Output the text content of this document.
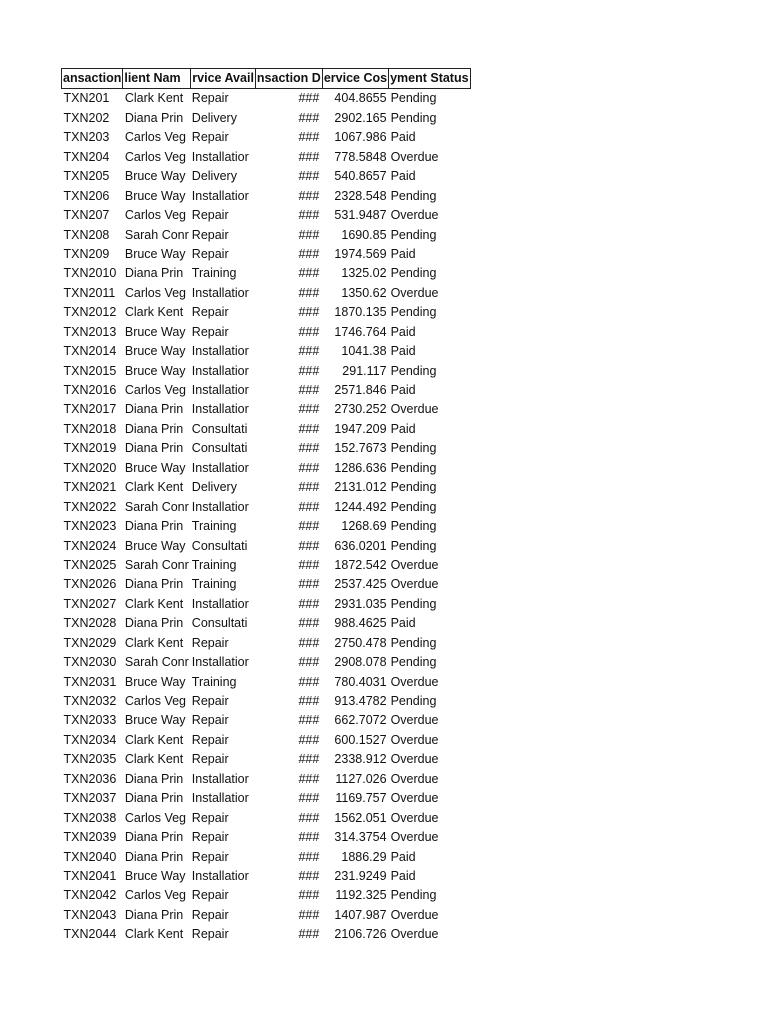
ansaction	lient Nam	rvice Avail	nsaction D	ervice Cos	yment Status
TXN201	Clark Kent	Repair	###	404.8655	Pending
TXN202	Diana Prin	Delivery	###	2902.165	Pending
TXN203	Carlos Veg	Repair	###	1067.986	Paid
TXN204	Carlos Veg	Installatior	###	778.5848	Overdue
TXN205	Bruce Way	Delivery	###	540.8657	Paid
TXN206	Bruce Way	Installatior	###	2328.548	Pending
TXN207	Carlos Veg	Repair	###	531.9487	Overdue
TXN208	Sarah Conr	Repair	###	1690.85	Pending
TXN209	Bruce Way	Repair	###	1974.569	Paid
TXN2010	Diana Prin	Training	###	1325.02	Pending
TXN2011	Carlos Veg	Installatior	###	1350.62	Overdue
TXN2012	Clark Kent	Repair	###	1870.135	Pending
TXN2013	Bruce Way	Repair	###	1746.764	Paid
TXN2014	Bruce Way	Installatior	###	1041.38	Paid
TXN2015	Bruce Way	Installatior	###	291.117	Pending
TXN2016	Carlos Veg	Installatior	###	2571.846	Paid
TXN2017	Diana Prin	Installatior	###	2730.252	Overdue
TXN2018	Diana Prin	Consultati	###	1947.209	Paid
TXN2019	Diana Prin	Consultati	###	152.7673	Pending
TXN2020	Bruce Way	Installatior	###	1286.636	Pending
TXN2021	Clark Kent	Delivery	###	2131.012	Pending
TXN2022	Sarah Conr	Installatior	###	1244.492	Pending
TXN2023	Diana Prin	Training	###	1268.69	Pending
TXN2024	Bruce Way	Consultati	###	636.0201	Pending
TXN2025	Sarah Conr	Training	###	1872.542	Overdue
TXN2026	Diana Prin	Training	###	2537.425	Overdue
TXN2027	Clark Kent	Installatior	###	2931.035	Pending
TXN2028	Diana Prin	Consultati	###	988.4625	Paid
TXN2029	Clark Kent	Repair	###	2750.478	Pending
TXN2030	Sarah Conr	Installatior	###	2908.078	Pending
TXN2031	Bruce Way	Training	###	780.4031	Overdue
TXN2032	Carlos Veg	Repair	###	913.4782	Pending
TXN2033	Bruce Way	Repair	###	662.7072	Overdue
TXN2034	Clark Kent	Repair	###	600.1527	Overdue
TXN2035	Clark Kent	Repair	###	2338.912	Overdue
TXN2036	Diana Prin	Installatior	###	1127.026	Overdue
TXN2037	Diana Prin	Installatior	###	1169.757	Overdue
TXN2038	Carlos Veg	Repair	###	1562.051	Overdue
TXN2039	Diana Prin	Repair	###	314.3754	Overdue
TXN2040	Diana Prin	Repair	###	1886.29	Paid
TXN2041	Bruce Way	Installatior	###	231.9249	Paid
TXN2042	Carlos Veg	Repair	###	1192.325	Pending
TXN2043	Diana Prin	Repair	###	1407.987	Overdue
TXN2044	Clark Kent	Repair	###	2106.726	Overdue
